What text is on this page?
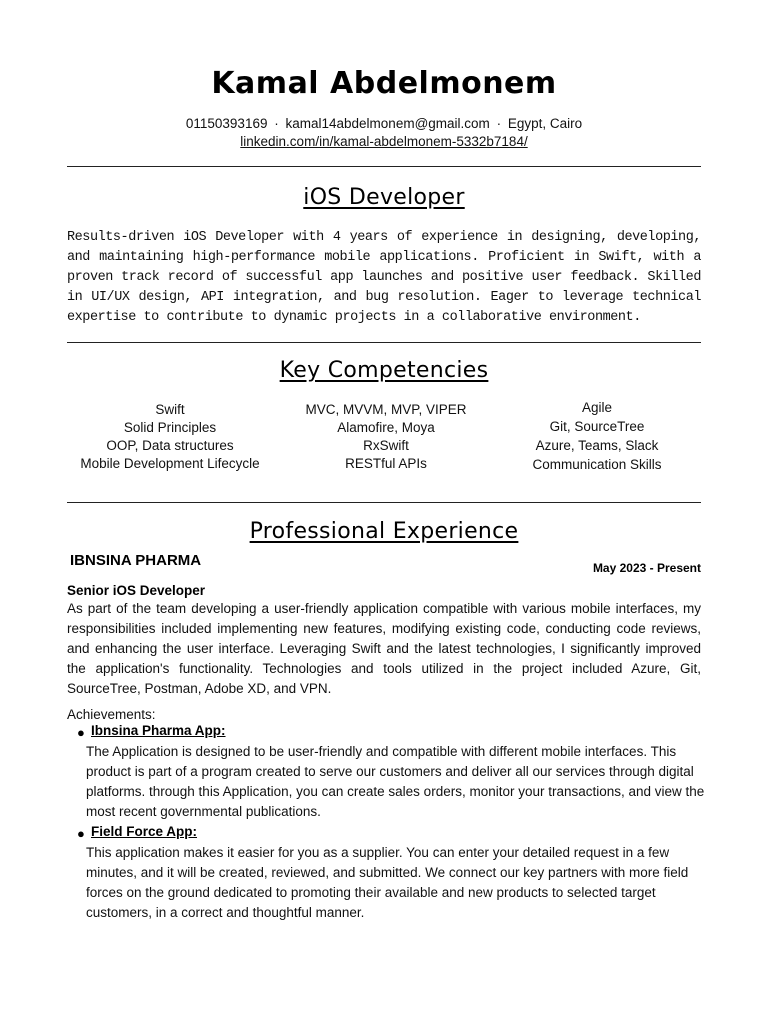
Kamal Abdelmonem
01150393169 · kamal14abdelmonem@gmail.com · Egypt, Cairo
linkedin.com/in/kamal-abdelmonem-5332b7184/
iOS Developer
Results-driven iOS Developer with 4 years of experience in designing, developing, and maintaining high-performance mobile applications. Proficient in Swift, with a proven track record of successful app launches and positive user feedback. Skilled in UI/UX design, API integration, and bug resolution. Eager to leverage technical expertise to contribute to dynamic projects in a collaborative environment.
Key Competencies
Swift
Solid Principles
OOP, Data structures
Mobile Development Lifecycle
MVC, MVVM, MVP, VIPER
Alamofire, Moya
RxSwift
RESTful APIs
Agile
Git, SourceTree
Azure, Teams, Slack
Communication Skills
Professional Experience
IBNSINA PHARMA	May 2023 - Present
Senior iOS Developer
As part of the team developing a user-friendly application compatible with various mobile interfaces, my responsibilities included implementing new features, modifying existing code, conducting code reviews, and enhancing the user interface. Leveraging Swift and the latest technologies, I significantly improved the application's functionality. Technologies and tools utilized in the project included Azure, Git, SourceTree, Postman, Adobe XD, and VPN.
Achievements:
● Ibnsina Pharma App:
The Application is designed to be user-friendly and compatible with different mobile interfaces. This product is part of a program created to serve our customers and deliver all our services through digital platforms. through this Application, you can create sales orders, monitor your transactions, and view the most recent governmental publications.
● Field Force App:
This application makes it easier for you as a supplier. You can enter your detailed request in a few minutes, and it will be created, reviewed, and submitted. We connect our key partners with more field forces on the ground dedicated to promoting their available and new products to selected target customers, in a correct and thoughtful manner.
